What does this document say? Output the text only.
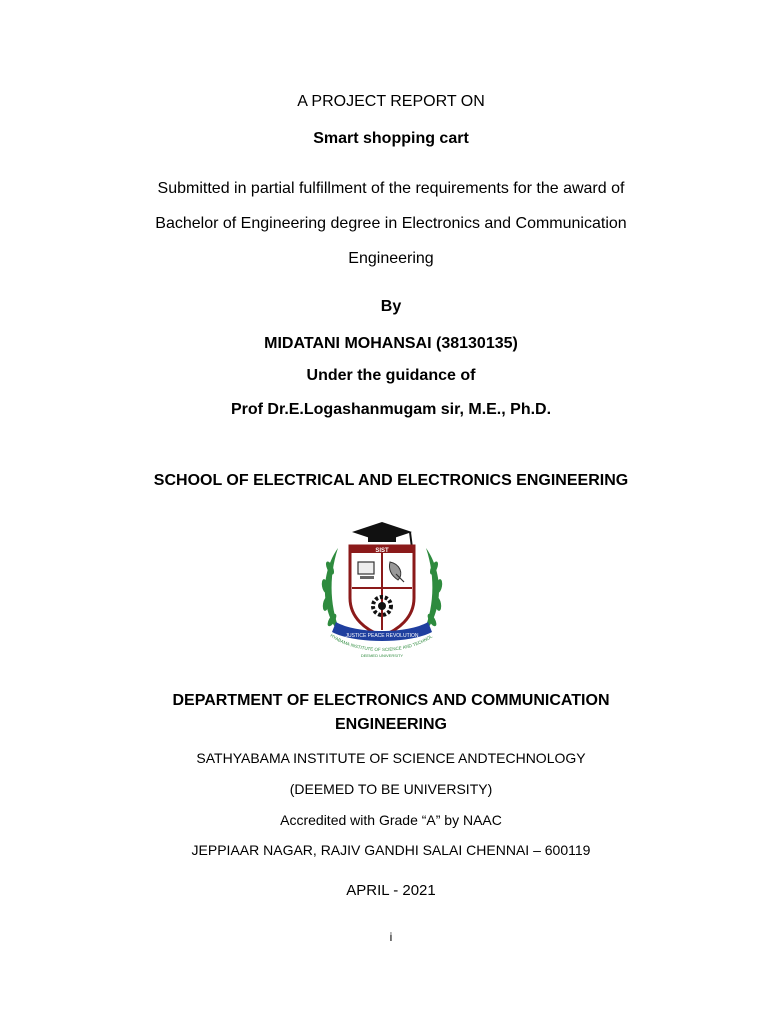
A PROJECT REPORT ON
Smart shopping cart
Submitted in partial fulfillment of the requirements for the award of
Bachelor of Engineering degree in Electronics and Communication
Engineering
By
MIDATANI MOHANSAI (38130135)
Under the guidance of
Prof Dr.E.Logashanmugam sir, M.E., Ph.D.
SCHOOL OF ELECTRICAL AND ELECTRONICS ENGINEERING
SIST
JUSTICE PEACE REVOLUTION
HYABAMA INSTITUTE OF SCIENCE AND TECHNOL
DEEMED UNIVERSITY
DEPARTMENT OF ELECTRONICS AND COMMUNICATION
ENGINEERING
SATHYABAMA INSTITUTE OF SCIENCE ANDTECHNOLOGY
(DEEMED TO BE UNIVERSITY)
Accredited with Grade “A” by NAAC
JEPPIAAR NAGAR, RAJIV GANDHI SALAI CHENNAI – 600119
APRIL - 2021
i
